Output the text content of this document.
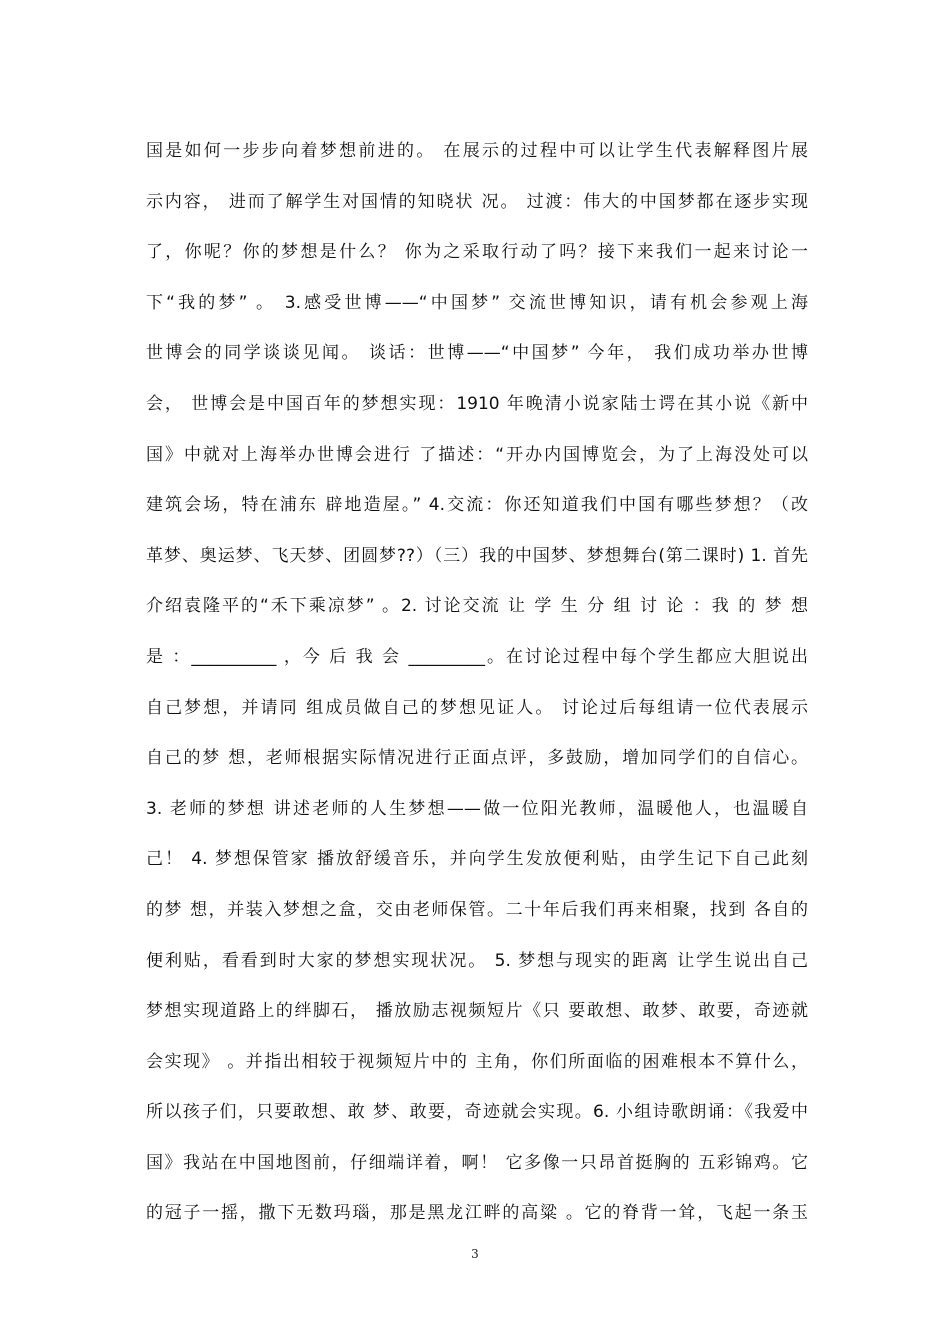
国是如何一步步向着梦想前进的。 在展示的过程中可以让学生代表解释图片展
示内容， 进而了解学生对国情的知晓状 况。 过渡：伟大的中国梦都在逐步实现
了，你呢？你的梦想是什么？ 你为之采取行动了吗？接下来我们一起来讨论一
下“我的梦” 。 3.感受世博——“中国梦” 交流世博知识，请有机会参观上海
世博会的同学谈谈见闻。 谈话：世博——“中国梦” 今年， 我们成功举办世博
会， 世博会是中国百年的梦想实现：1910 年晚清小说家陆士谔在其小说《新中
国》中就对上海举办世博会进行 了描述：“开办内国博览会，为了上海没处可以
建筑会场，特在浦东 辟地造屋。” 4.交流：你还知道我们中国有哪些梦想？（改
革梦、奥运梦、飞天梦、团圆梦??）（三）我的中国梦、梦想舞台(第二课时) 1. 首先
介绍袁隆平的“禾下乘凉梦” 。2. 讨论交流 让 学 生 分 组 讨 论 ：我 的 梦 想
是 ：__________ ，今 后 我 会 _________。在讨论过程中每个学生都应大胆说出
自己梦想，并请同 组成员做自己的梦想见证人。 讨论过后每组请一位代表展示
自己的梦 想，老师根据实际情况进行正面点评，多鼓励，增加同学们的自信心。
3. 老师的梦想 讲述老师的人生梦想——做一位阳光教师，温暖他人，也温暖自
己！ 4. 梦想保管家 播放舒缓音乐，并向学生发放便利贴，由学生记下自己此刻
的梦 想，并装入梦想之盒，交由老师保管。二十年后我们再来相聚，找到 各自的
便利贴，看看到时大家的梦想实现状况。 5. 梦想与现实的距离 让学生说出自己
梦想实现道路上的绊脚石， 播放励志视频短片《只 要敢想、敢梦、敢要，奇迹就
会实现》 。并指出相较于视频短片中的 主角，你们所面临的困难根本不算什么，
所以孩子们，只要敢想、敢 梦、敢要，奇迹就会实现。6. 小组诗歌朗诵：《我爱中
国》我站在中国地图前，仔细端详着，啊！ 它多像一只昂首挺胸的 五彩锦鸡。它
的冠子一摇，撒下无数玛瑙，那是黑龙江畔的高粱 。它的脊背一耸，飞起一条玉
3
